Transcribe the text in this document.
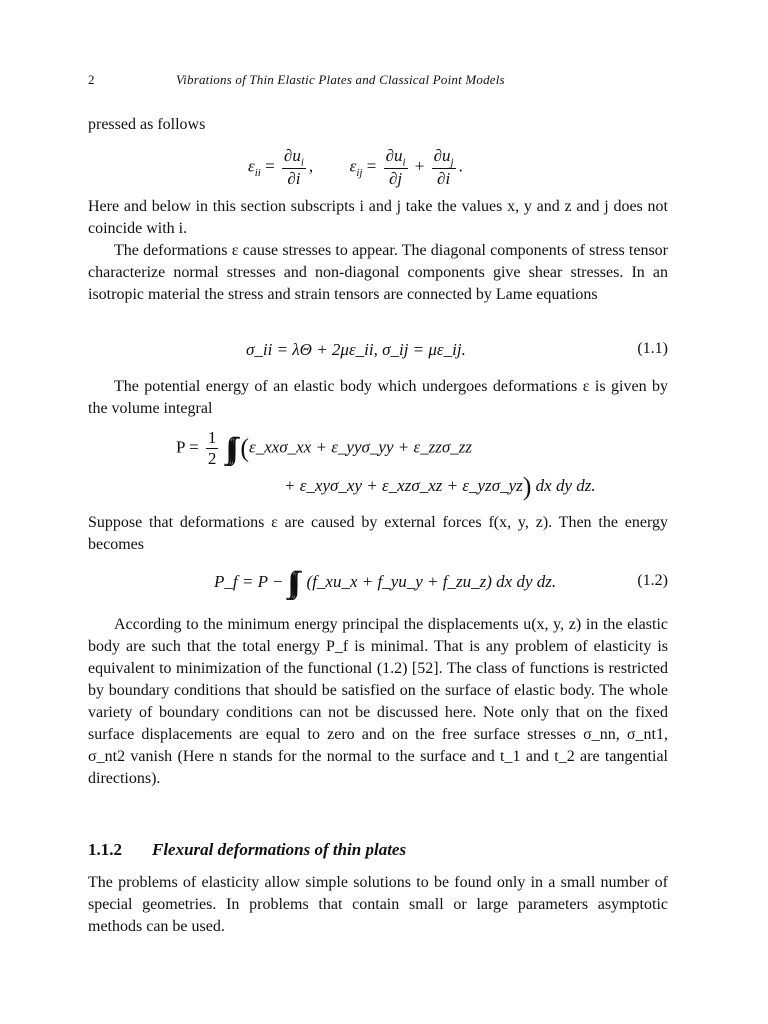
2	Vibrations of Thin Elastic Plates and Classical Point Models

pressed as follows

$\varepsilon_{ii} = \frac{\partial u_i}{\partial i}$ , $\varepsilon_{ij} = \frac{\partial u_i}{\partial j} + \frac{\partial u_j}{\partial i}$ .

Here and below in this section subscripts i and j take the values x, y and z and j does not coincide with i.

The deformations ε cause stresses to appear. The diagonal components of stress tensor characterize normal stresses and non-diagonal components give shear stresses. In an isotropic material the stress and strain tensors are connected by Lame equations

σ_ii = λΘ + 2με_ii, σ_ij = με_ij.	(1.1)

The potential energy of an elastic body which undergoes deformations ε is given by the volume integral

$P = \frac{1}{2}$ ∫∫∫ (ε_xxσ_xx + ε_yyσ_yy + ε_zzσ_zz
+ ε_xyσ_xy + ε_xzσ_xz + ε_yzσ_yz) dx dy dz.

Suppose that deformations ε are caused by external forces f(x, y, z). Then the energy becomes

P_f = P − ∫∫∫ (f_xu_x + f_yu_y + f_zu_z) dx dy dz.	(1.2)

According to the minimum energy principal the displacements u(x, y, z) in the elastic body are such that the total energy P_f is minimal. That is any problem of elasticity is equivalent to minimization of the functional (1.2) [52]. The class of functions is restricted by boundary conditions that should be satisfied on the surface of elastic body. The whole variety of boundary conditions can not be discussed here. Note only that on the fixed surface displacements are equal to zero and on the free surface stresses σ_nn, σ_nt1, σ_nt2 vanish (Here n stands for the normal to the surface and t_1 and t_2 are tangential directions).

1.1.2 Flexural deformations of thin plates

The problems of elasticity allow simple solutions to be found only in a small number of special geometries. In problems that contain small or large parameters asymptotic methods can be used.
